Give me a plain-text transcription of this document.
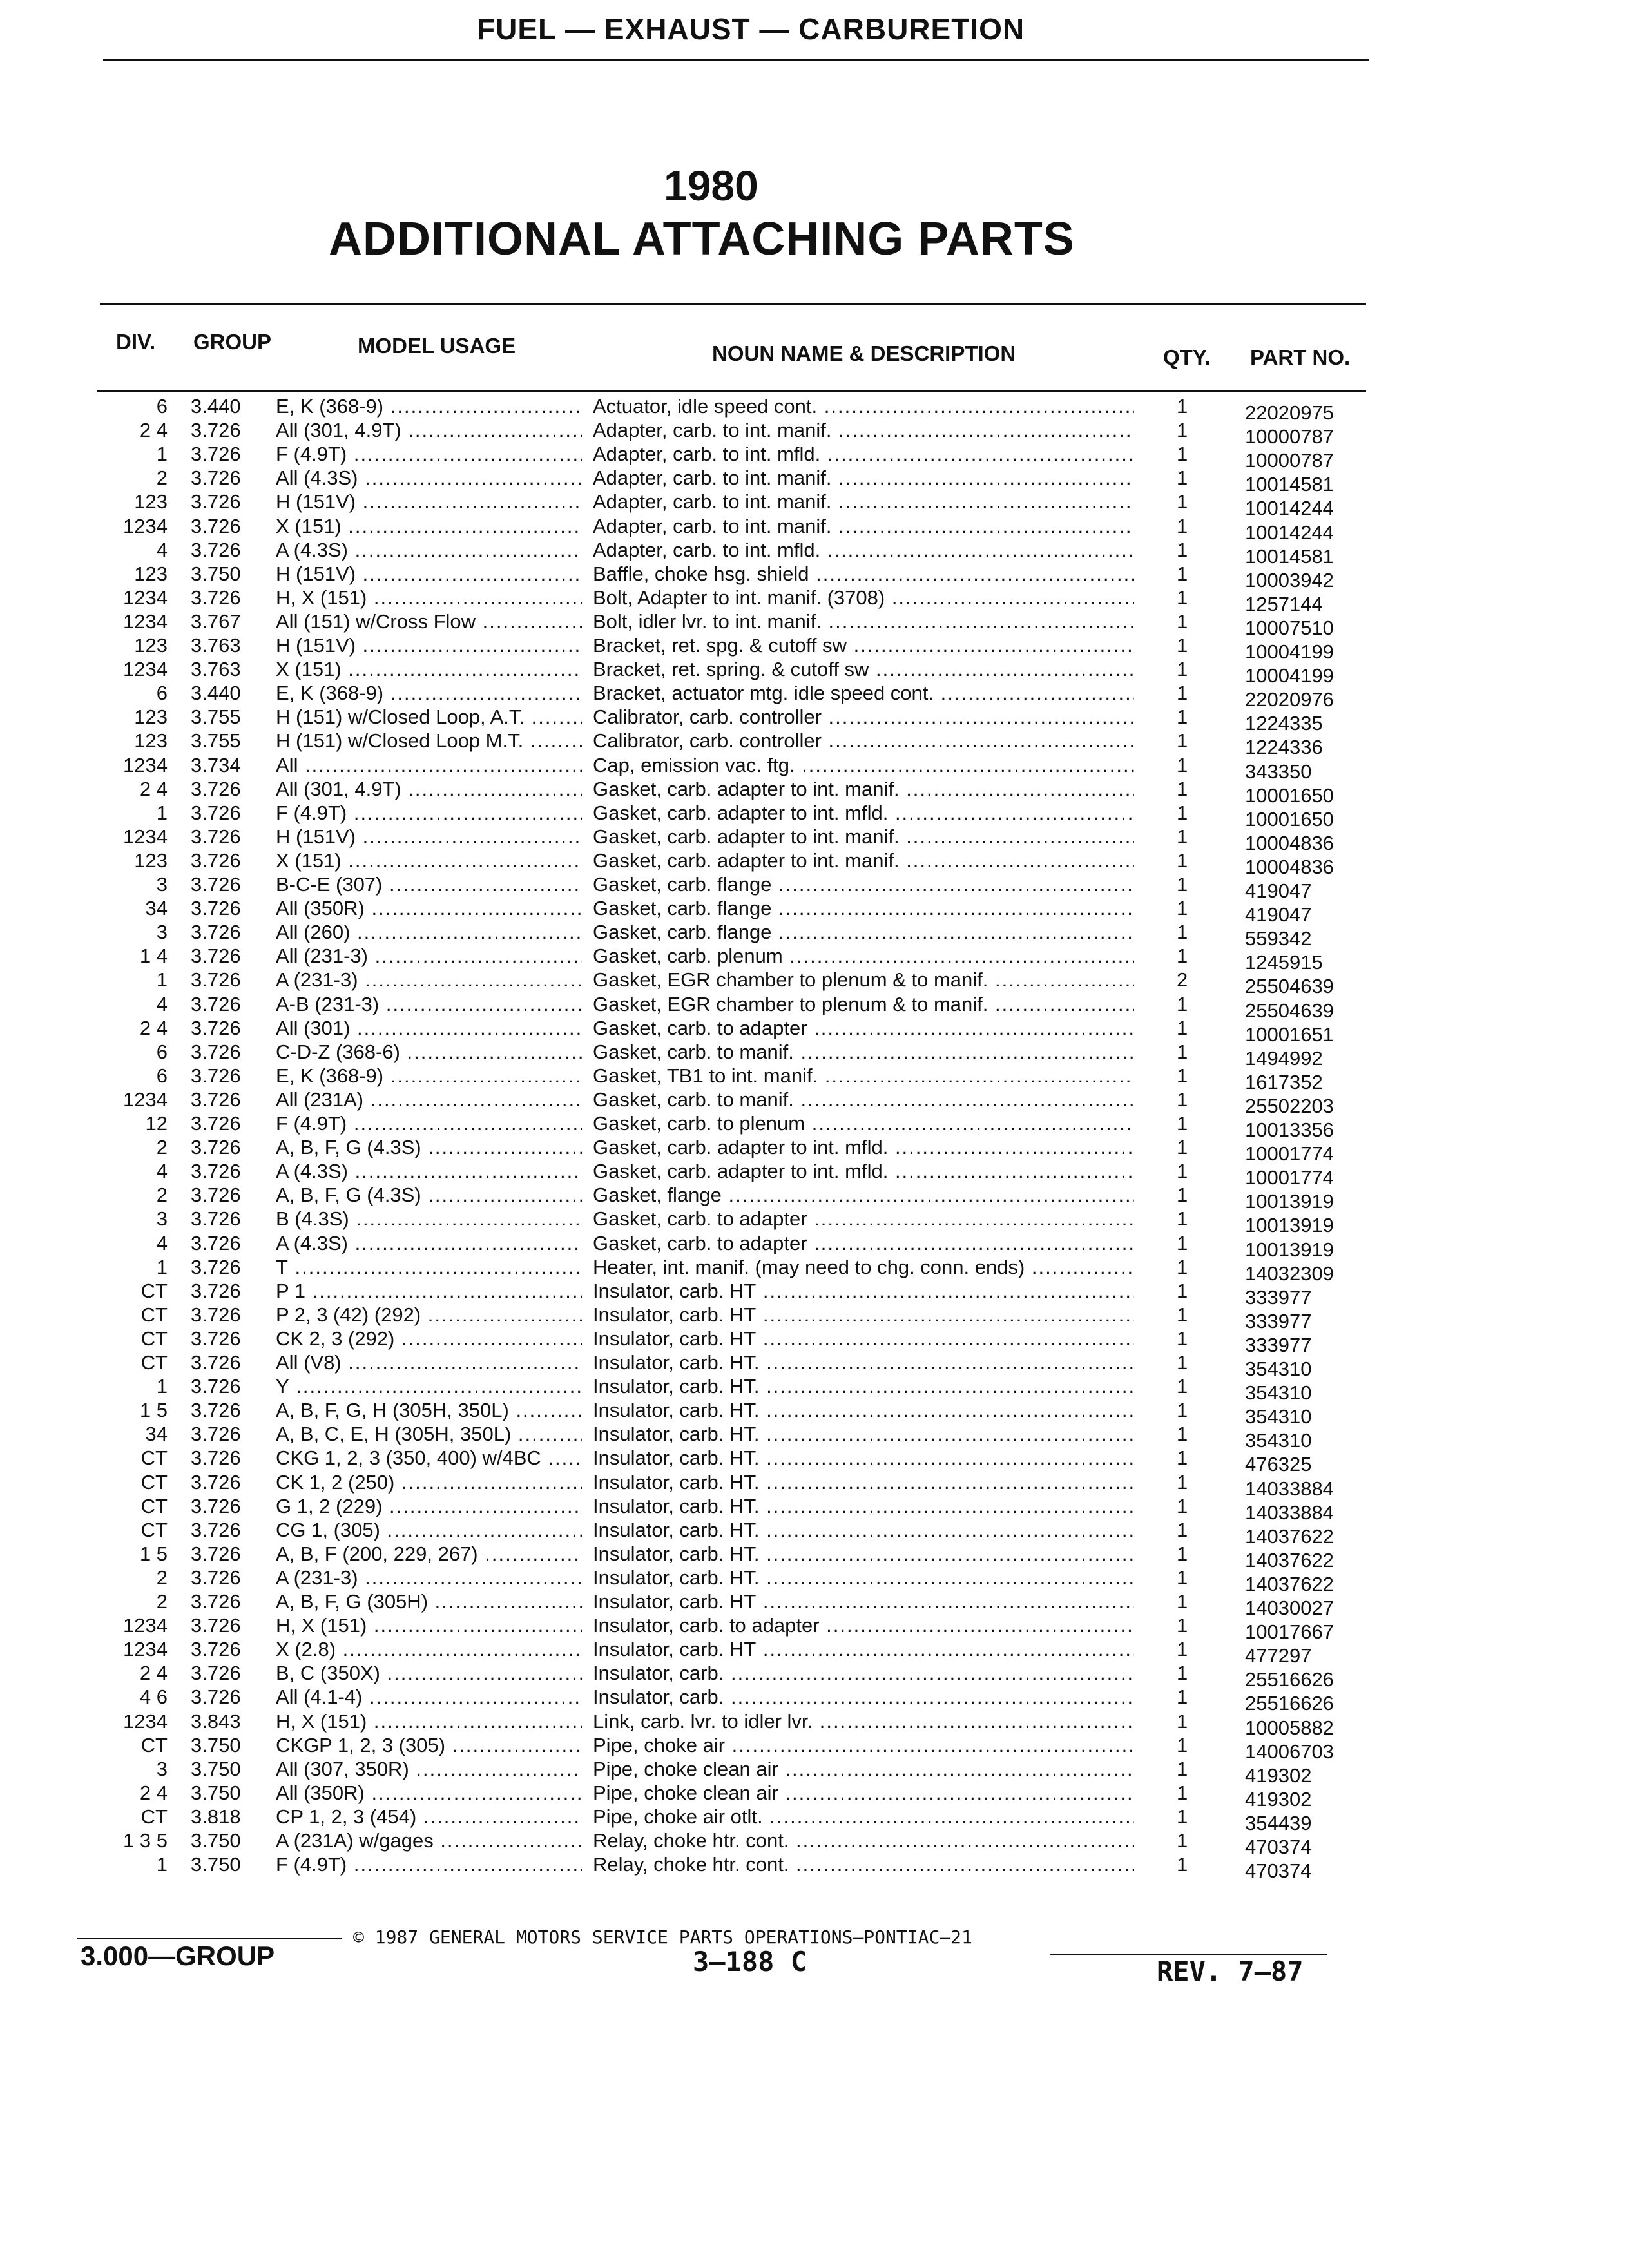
FUEL — EXHAUST — CARBURETION
1980
ADDITIONAL ATTACHING PARTS
DIV. GROUP	MODEL USAGE	NOUN NAME & DESCRIPTION	QTY. PART NO.
6 3.440 E, K (368-9) .....	Actuator, idle speed cont. .....	1	22020975
2 4 3.726 All (301, 4.9T) .....	Adapter, carb. to int. manif. .....	1	10000787
1 3.726 F (4.9T) .....	Adapter, carb. to int. mfld. .....	1	10000787
2 3.726 All (4.3S) .....	Adapter, carb. to int. manif. .....	1	10014581
123 3.726 H (151V) .....	Adapter, carb. to int. manif. .....	1	10014244
1234 3.726 X (151) .....	Adapter, carb. to int. manif. .....	1	10014244
4 3.726 A (4.3S) .....	Adapter, carb. to int. mfld. .....	1	10014581
123 3.750 H (151V) .....	Baffle, choke hsg. shield .....	1	10003942
1234 3.726 H, X (151) .....	Bolt, Adapter to int. manif. (3708) .....	1	1257144
1234 3.767 All (151) w/Cross Flow .....	Bolt, idler lvr. to int. manif. .....	1	10007510
123 3.763 H (151V) .....	Bracket, ret. spg. & cutoff sw .....	1	10004199
1234 3.763 X (151) .....	Bracket, ret. spring. & cutoff sw .....	1	10004199
6 3.440 E, K (368-9) .....	Bracket, actuator mtg. idle speed cont. .....	1	22020976
123 3.755 H (151) w/Closed Loop, A.T. .....	Calibrator, carb. controller .....	1	1224335
123 3.755 H (151) w/Closed Loop M.T. .....	Calibrator, carb. controller .....	1	1224336
1234 3.734 All .....	Cap, emission vac. ftg. .....	1	343350
2 4 3.726 All (301, 4.9T) .....	Gasket, carb. adapter to int. manif. .....	1	10001650
1 3.726 F (4.9T) .....	Gasket, carb. adapter to int. mfld. .....	1	10001650
1234 3.726 H (151V) .....	Gasket, carb. adapter to int. manif. .....	1	10004836
123 3.726 X (151) .....	Gasket, carb. adapter to int. manif. .....	1	10004836
3 3.726 B-C-E (307) .....	Gasket, carb. flange .....	1	419047
34 3.726 All (350R) .....	Gasket, carb. flange .....	1	419047
3 3.726 All (260) .....	Gasket, carb. flange .....	1	559342
1 4 3.726 All (231-3) .....	Gasket, carb. plenum .....	1	1245915
1 3.726 A (231-3) .....	Gasket, EGR chamber to plenum & to manif. .....	2	25504639
4 3.726 A-B (231-3) .....	Gasket, EGR chamber to plenum & to manif. .....	1	25504639
2 4 3.726 All (301) .....	Gasket, carb. to adapter .....	1	10001651
6 3.726 C-D-Z (368-6) .....	Gasket, carb. to manif. .....	1	1494992
6 3.726 E, K (368-9) .....	Gasket, TB1 to int. manif. .....	1	1617352
1234 3.726 All (231A) .....	Gasket, carb. to manif. .....	1	25502203
12 3.726 F (4.9T) .....	Gasket, carb. to plenum .....	1	10013356
2 3.726 A, B, F, G (4.3S) .....	Gasket, carb. adapter to int. mfld. .....	1	10001774
4 3.726 A (4.3S) .....	Gasket, carb. adapter to int. mfld. .....	1	10001774
2 3.726 A, B, F, G (4.3S) .....	Gasket, flange .....	1	10013919
3 3.726 B (4.3S) .....	Gasket, carb. to adapter .....	1	10013919
4 3.726 A (4.3S) .....	Gasket, carb. to adapter .....	1	10013919
1 3.726 T .....	Heater, int. manif. (may need to chg. conn. ends) .....	1	14032309
CT 3.726 P 1 .....	Insulator, carb. HT .....	1	333977
CT 3.726 P 2, 3 (42) (292) .....	Insulator, carb. HT .....	1	333977
CT 3.726 CK 2, 3 (292) .....	Insulator, carb. HT .....	1	333977
CT 3.726 All (V8) .....	Insulator, carb. HT. .....	1	354310
1 3.726 Y .....	Insulator, carb. HT. .....	1	354310
1 5 3.726 A, B, F, G, H (305H, 350L) .....	Insulator, carb. HT. .....	1	354310
34 3.726 A, B, C, E, H (305H, 350L) .....	Insulator, carb. HT. .....	1	354310
CT 3.726 CKG 1, 2, 3 (350, 400) w/4BC .....	Insulator, carb. HT. .....	1	476325
CT 3.726 CK 1, 2 (250) .....	Insulator, carb. HT. .....	1	14033884
CT 3.726 G 1, 2 (229) .....	Insulator, carb. HT. .....	1	14033884
CT 3.726 CG 1, (305) .....	Insulator, carb. HT. .....	1	14037622
1 5 3.726 A, B, F (200, 229, 267) .....	Insulator, carb. HT. .....	1	14037622
2 3.726 A (231-3) .....	Insulator, carb. HT. .....	1	14037622
2 3.726 A, B, F, G (305H) .....	Insulator, carb. HT .....	1	14030027
1234 3.726 H, X (151) .....	Insulator, carb. to adapter .....	1	10017667
1234 3.726 X (2.8) .....	Insulator, carb. HT .....	1	477297
2 4 3.726 B, C (350X) .....	Insulator, carb. .....	1	25516626
4 6 3.726 All (4.1-4) .....	Insulator, carb. .....	1	25516626
1234 3.843 H, X (151) .....	Link, carb. lvr. to idler lvr. .....	1	10005882
CT 3.750 CKGP 1, 2, 3 (305) .....	Pipe, choke air .....	1	14006703
3 3.750 All (307, 350R) .....	Pipe, choke clean air .....	1	419302
2 4 3.750 All (350R) .....	Pipe, choke clean air .....	1	419302
CT 3.818 CP 1, 2, 3 (454) .....	Pipe, choke air otlt. .....	1	354439
1 3 5 3.750 A (231A) w/gages .....	Relay, choke htr. cont. .....	1	470374
1 3.750 F (4.9T) .....	Relay, choke htr. cont. .....	1	470374
© 1987 GENERAL MOTORS SERVICE PARTS OPERATIONS—PONTIAC—21
3.000—GROUP	3—188 C	REV. 7—87
